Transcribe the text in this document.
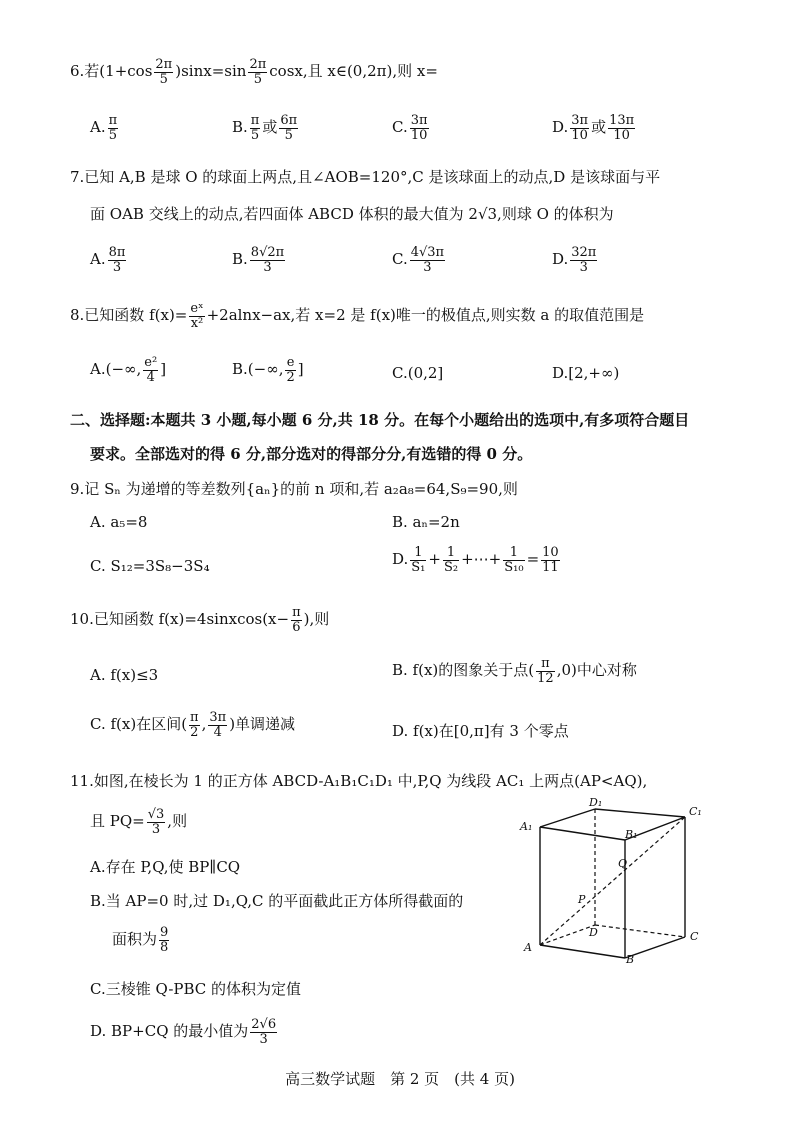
6.若$(1+\cos \frac{2\pi}{5} )\sin x=\sin \frac{2\pi}{5} \cos x$,且 x∈(0,2π),则 x=
A. $\frac{\pi}{5}$	B. $\frac{\pi}{5}$ 或 $\frac{6\pi}{5}$	C. $\frac{3\pi}{10}$	D. $\frac{3\pi}{10}$ 或 $\frac{13\pi}{10}$
7.已知 A,B 是球 O 的球面上两点,且∠AOB=120°,C 是该球面上的动点,D 是该球面与平
面 OAB 交线上的动点,若四面体 ABCD 体积的最大值为 2√3,则球 O 的体积为
A. $\frac{8\pi}{3}$	B. $\frac{8√2\pi}{3}$	C. $\frac{4√3\pi}{3}$	D. $\frac{32\pi}{3}$
8.已知函数 $f(x)= \frac{\text{eˣ}}{\text{x²}} +2alnx-ax$,若 x=2 是 f(x)唯一的极值点,则实数 a 的取值范围是
A.(−∞, $\frac{\text{e²}}{4}$ ]	B.(−∞, $\frac{e}{2}$ ]	C.(0,2]	D.[2,+∞)
二、选择题:本题共 3 小题,每小题 6 分,共 18 分。在每个小题给出的选项中,有多项符合题目
要求。全部选对的得 6 分,部分选对的得部分分,有选错的得 0 分。
9.记 Sₙ 为递增的等差数列{aₙ}的前 n 项和,若 a₂a₈=64,S₉=90,则
A. a₅=8	B. aₙ=2n
C. S₁₂=3S₈−3S₄	D. $\frac{1}{\text{S₁}} + \frac{1}{\text{S₂}}$ +⋯+ $\frac{1}{\text{S₁₀}} = \frac{10}{11}$
10.已知函数 f(x)=4sinxcos(x− $\frac{\pi}{6}$ ),则
A. f(x)≤3	B. f(x)的图象关于点( $\frac{\pi}{12} ,0$)中心对称
C. f(x)在区间( $\frac{\pi}{2}$ , $\frac{3\pi}{4}$ )单调递减	D. f(x)在[0,π]有 3 个零点
11.如图,在棱长为 1 的正方体 ABCD-A₁B₁C₁D₁ 中,P,Q 为线段 AC₁ 上两点(AP<AQ),
且 $PQ= \frac{√3}{3}$ ,则
A.存在 P,Q,使 BP∥CQ
B.当 AP=0 时,过 D₁,Q,C 的平面截此正方体所得截面的
面积为 $\frac{9}{8}$
C.三棱锥 Q-PBC 的体积为定值
D. BP+CQ 的最小值为 $\frac{2√6}{3}$
D₁
C₁
A₁
B₁
Q
P
D	C
A
B
高三数学试题　第 2 页　(共 4 页)
